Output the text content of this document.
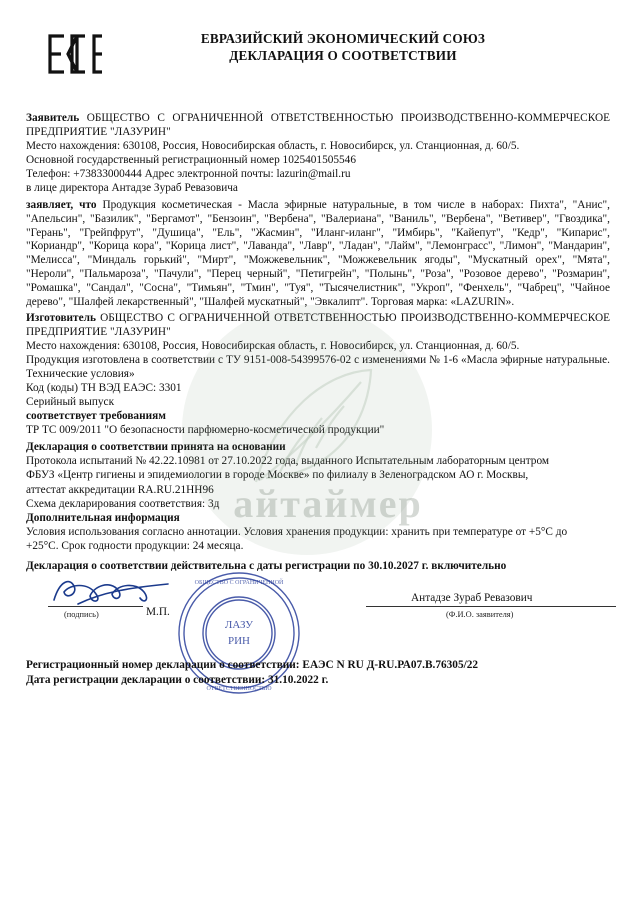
ЕВРАЗИЙСКИЙ ЭКОНОМИЧЕСКИЙ СОЮЗ
ДЕКЛАРАЦИЯ О СООТВЕТСТВИИ
Заявитель ОБЩЕСТВО С ОГРАНИЧЕННОЙ ОТВЕТСТВЕННОСТЬЮ ПРОИЗВОДСТВЕННО-КОММЕРЧЕСКОЕ ПРЕДПРИЯТИЕ "ЛАЗУРИН"
Место нахождения: 630108, Россия, Новосибирская область, г. Новосибирск, ул. Станционная, д. 60/5.
Основной государственный регистрационный номер 1025401505546
Телефон: +73833000444 Адрес электронной почты: lazurin@mail.ru
в лице директора Антадзе Зураб Ревазовича
заявляет, что Продукция косметическая - Масла эфирные натуральные, в том числе в наборах: Пихта", "Анис", "Апельсин", "Базилик", "Бергамот", "Бензоин", "Вербена", "Валериана", "Ваниль", "Вербена", "Ветивер", "Гвоздика", "Герань", "Грейпфрут", "Душица", "Ель", "Жасмин", "Иланг-иланг", "Имбирь", "Кайепут", "Кедр", "Кипарис", "Кориандр", "Корица кора", "Корица лист", "Лаванда", "Лавр", "Ладан", "Лайм", "Лемонграсс", "Лимон", "Мандарин", "Мелисса", "Миндаль горький", "Мирт", "Можжевельник", "Можжевельник ягоды", "Мускатный орех", "Мята", "Нероли", "Пальмароза", "Пачули", "Перец черный", "Петигрейн", "Полынь", "Роза", "Розовое дерево", "Розмарин", "Ромашка", "Сандал", "Сосна", "Тимьян", "Тмин", "Туя", "Тысячелистник", "Укроп", "Фенхель", "Чабрец", "Чайное дерево", "Шалфей лекарственный", "Шалфей мускатный", "Эвкалипт". Торговая марка: «LAZURIN».
Изготовитель ОБЩЕСТВО С ОГРАНИЧЕННОЙ ОТВЕТСТВЕННОСТЬЮ ПРОИЗВОДСТВЕННО-КОММЕРЧЕСКОЕ ПРЕДПРИЯТИЕ "ЛАЗУРИН"
Место нахождения: 630108, Россия, Новосибирская область, г. Новосибирск, ул. Станционная, д. 60/5.
Продукция изготовлена в соответствии с ТУ 9151-008-54399576-02 с изменениями № 1-6 «Масла эфирные натуральные. Технические условия»
Код (коды) ТН ВЭД ЕАЭС: 3301
Серийный выпуск
соответствует требованиям
ТР ТС 009/2011 "О безопасности парфюмерно-косметической продукции"
Декларация о соответствии принята на основании
Протокола испытаний № 42.22.10981 от 27.10.2022 года, выданного Испытательным лабораторным центром
ФБУЗ «Центр гигиены и эпидемиологии в городе Москве» по филиалу в Зеленоградском АО г. Москвы,
аттестат аккредитации RA.RU.21НН96
Схема декларирования соответствия: 3д
Дополнительная информация
Условия использования согласно аннотации. Условия хранения продукции: хранить при температуре от +5°С до
+25°С. Срок годности продукции: 24 месяца.
Декларация о соответствии действительна с даты регистрации по 30.10.2027 г. включительно
(подпись)	М.П.
ЛАЗУ
РИН
ОБЩЕСТВО С ОГРАНИЧЕННОЙ
ОТВЕТСТВЕННОСТЬЮ
Антадзе Зураб Ревазович
(Ф.И.О. заявителя)
Регистрационный номер декларации о соответствии: ЕАЭС N RU Д-RU.РА07.В.76305/22
Дата регистрации декларации о соответствии: 31.10.2022 г.
айтаймер
